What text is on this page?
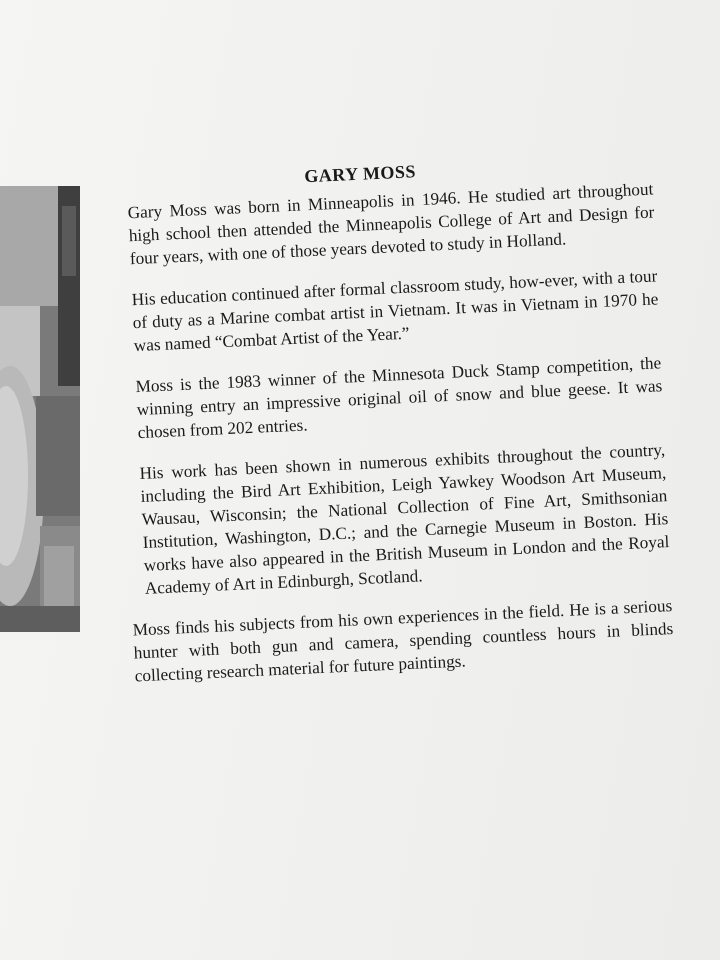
GARY MOSS

Gary Moss was born in Minneapolis in 1946. He studied art throughout high school then attended the Minneapolis College of Art and Design for four years, with one of those years devoted to study in Holland.

His education continued after formal classroom study, how-ever, with a tour of duty as a Marine combat artist in Vietnam. It was in Vietnam in 1970 he was named “Combat Artist of the Year.”

Moss is the 1983 winner of the Minnesota Duck Stamp competition, the winning entry an impressive original oil of snow and blue geese. It was chosen from 202 entries.

His work has been shown in numerous exhibits throughout the country, including the Bird Art Exhibition, Leigh Yawkey Woodson Art Museum, Wausau, Wisconsin; the National Collection of Fine Art, Smithsonian Institution, Washington, D.C.; and the Carnegie Museum in Boston. His works have also appeared in the British Museum in London and the Royal Academy of Art in Edinburgh, Scotland.

Moss finds his subjects from his own experiences in the field. He is a serious hunter with both gun and camera, spending countless hours in blinds collecting research material for future paintings.
